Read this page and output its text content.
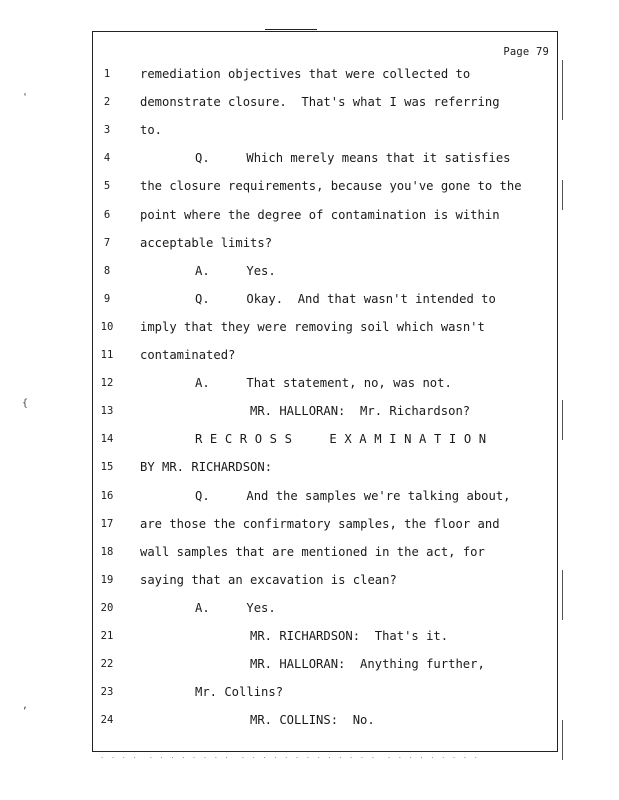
Page 79
1	remediation objectives that were collected to
2	demonstrate closure.  That's what I was referring
3	to.
4	Q.     Which merely means that it satisfies
5	the closure requirements, because you've gone to the
6	point where the degree of contamination is within
7	acceptable limits?
8	A.     Yes.
9	Q.     Okay.  And that wasn't intended to
10	imply that they were removing soil which wasn't
11	contaminated?
12	A.     That statement, no, was not.
13	MR. HALLORAN:  Mr. Richardson?
14	RECROSS  EXAMINATION
15	BY MR. RICHARDSON:
16	Q.     And the samples we're talking about,
17	are those the confirmatory samples, the floor and
18	wall samples that are mentioned in the act, for
19	saying that an excavation is clean?
20	A.     Yes.
21	MR. RICHARDSON:  That's it.
22	MR. HALLORAN:  Anything further,
23	Mr. Collins?
24	MR. COLLINS:  No.
'
{
,
. . . .  . . . . . . . .  . . . . . . . . . . . . .  . . . . . . . . .
